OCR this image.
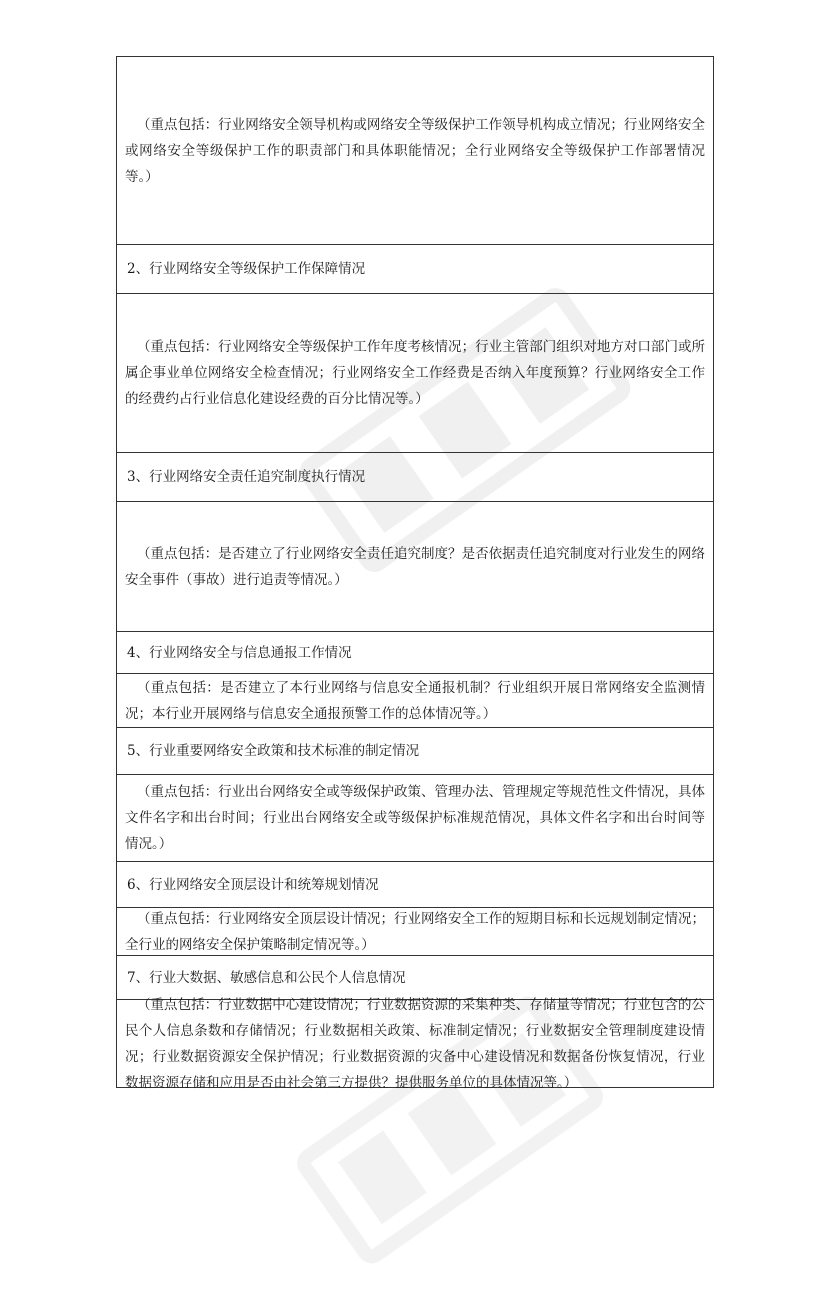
（重点包括：行业网络安全领导机构或网络安全等级保护工作领导机构成立情况；行业网络安全或网络安全等级保护工作的职责部门和具体职能情况；全行业网络安全等级保护工作部署情况等。）

2、行业网络安全等级保护工作保障情况

（重点包括：行业网络安全等级保护工作年度考核情况；行业主管部门组织对地方对口部门或所属企事业单位网络安全检查情况；行业网络安全工作经费是否纳入年度预算？行业网络安全工作的经费约占行业信息化建设经费的百分比情况等。）

3、行业网络安全责任追究制度执行情况

（重点包括：是否建立了行业网络安全责任追究制度？是否依据责任追究制度对行业发生的网络安全事件（事故）进行追责等情况。）

4、行业网络安全与信息通报工作情况

（重点包括：是否建立了本行业网络与信息安全通报机制？行业组织开展日常网络安全监测情况；本行业开展网络与信息安全通报预警工作的总体情况等。）

5、行业重要网络安全政策和技术标准的制定情况

（重点包括：行业出台网络安全或等级保护政策、管理办法、管理规定等规范性文件情况，具体文件名字和出台时间；行业出台网络安全或等级保护标准规范情况，具体文件名字和出台时间等情况。）

6、行业网络安全顶层设计和统筹规划情况

（重点包括：行业网络安全顶层设计情况；行业网络安全工作的短期目标和长远规划制定情况；全行业的网络安全保护策略制定情况等。）

7、行业大数据、敏感信息和公民个人信息情况

（重点包括：行业数据中心建设情况；行业数据资源的采集种类、存储量等情况；行业包含的公民个人信息条数和存储情况；行业数据相关政策、标准制定情况；行业数据安全管理制度建设情况；行业数据资源安全保护情况；行业数据资源的灾备中心建设情况和数据备份恢复情况，行业数据资源存储和应用是否由社会第三方提供？提供服务单位的具体情况等。）
